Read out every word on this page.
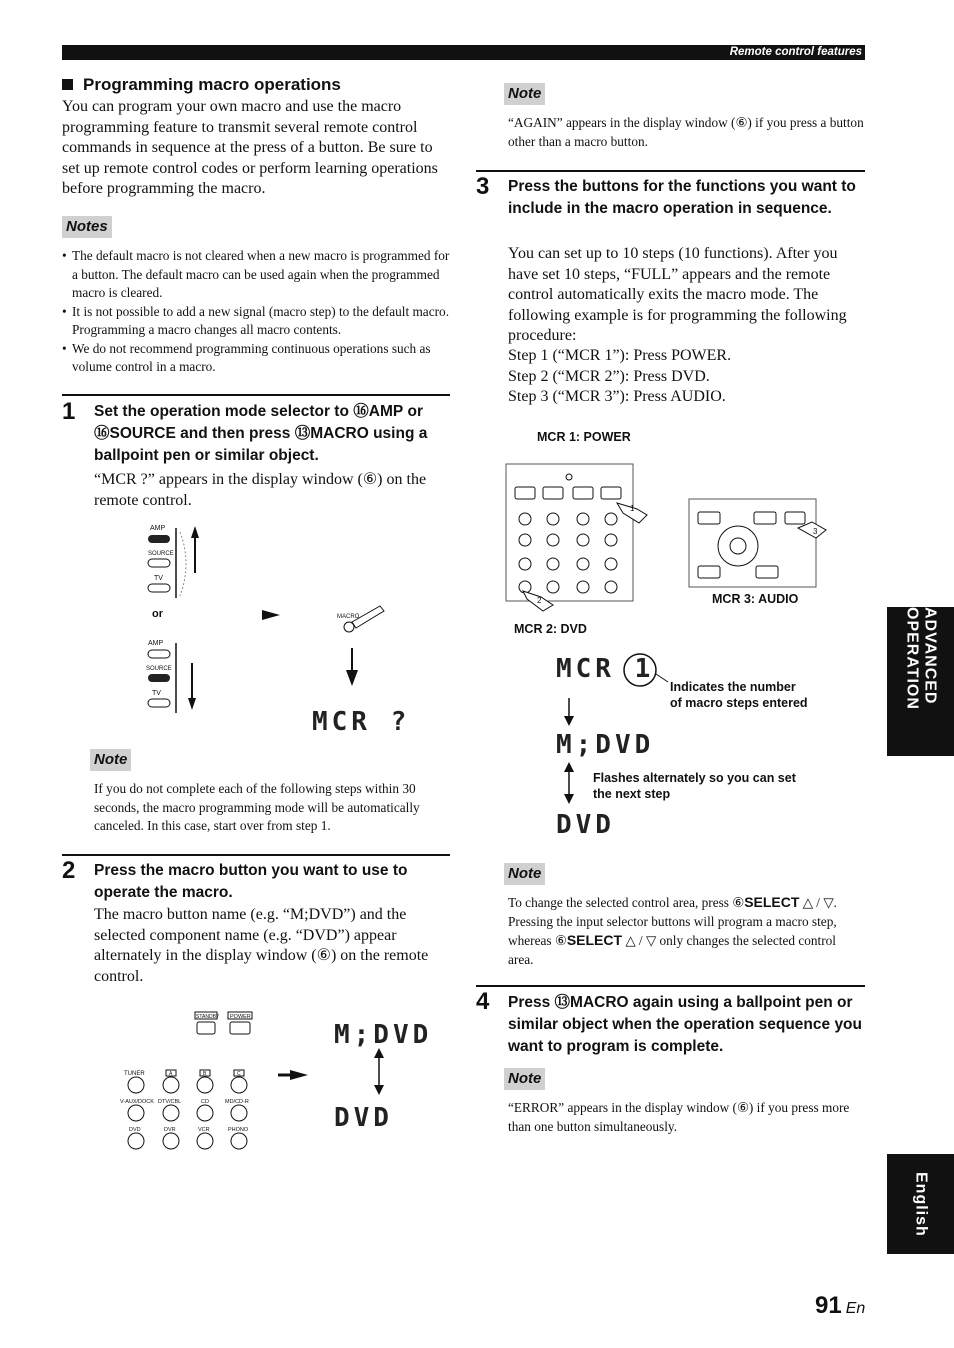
Remote control features
Programming macro operations
You can program your own macro and use the macro programming feature to transmit several remote control commands in sequence at the press of a button. Be sure to set up remote control codes or perform learning operations before programming the macro.
Notes
• The default macro is not cleared when a new macro is programmed for a button. The default macro can be used again when the programmed macro is cleared.
• It is not possible to add a new signal (macro step) to the default macro. Programming a macro changes all macro contents.
• We do not recommend programming continuous operations such as volume control in a macro.
1 Set the operation mode selector to ⑯AMP or ⑯SOURCE and then press ⑬MACRO using a ballpoint pen or similar object.
“MCR ?” appears in the display window (⑥) on the remote control.
AMP
SOURCE
TV
or
AMP
SOURCE
TV
MACRO
MCR ?
Note
If you do not complete each of the following steps within 30 seconds, the macro programming mode will be automatically canceled. In this case, start over from step 1.
2 Press the macro button you want to use to operate the macro.
The macro button name (e.g. “M;DVD”) and the selected component name (e.g. “DVD”) appear alternately in the display window (⑥) on the remote control.
STANDBY POWER
TUNER	A	B	C
V-AUX/DOCK DTV/CBL	CD	MD/CD-R
DVD	DVR	VCR	PHONO
M;DVD
DVD
Note
“AGAIN” appears in the display window (⑥) if you press a button other than a macro button.
3 Press the buttons for the functions you want to include in the macro operation in sequence.
You can set up to 10 steps (10 functions). After you have set 10 steps, “FULL” appears and the remote control automatically exits the macro mode. The following example is for programming the following procedure:
Step 1 (“MCR 1”): Press POWER.
Step 2 (“MCR 2”): Press DVD.
Step 3 (“MCR 3”): Press AUDIO.
MCR 1: POWER
1
2
MCR 2: DVD
3
MCR 3: AUDIO
MCR 1
Indicates the number of macro steps entered
M;DVD
Flashes alternately so you can set the next step
DVD
Note
To change the selected control area, press ⑥SELECT △ / ▽. Pressing the input selector buttons will program a macro step, whereas ⑥SELECT △ / ▽ only changes the selected control area.
4 Press ⑬MACRO again using a ballpoint pen or similar object when the operation sequence you want to program is complete.
Note
“ERROR” appears in the display window (⑥) if you press more than one button simultaneously.
ADVANCED OPERATION
English
91 En
